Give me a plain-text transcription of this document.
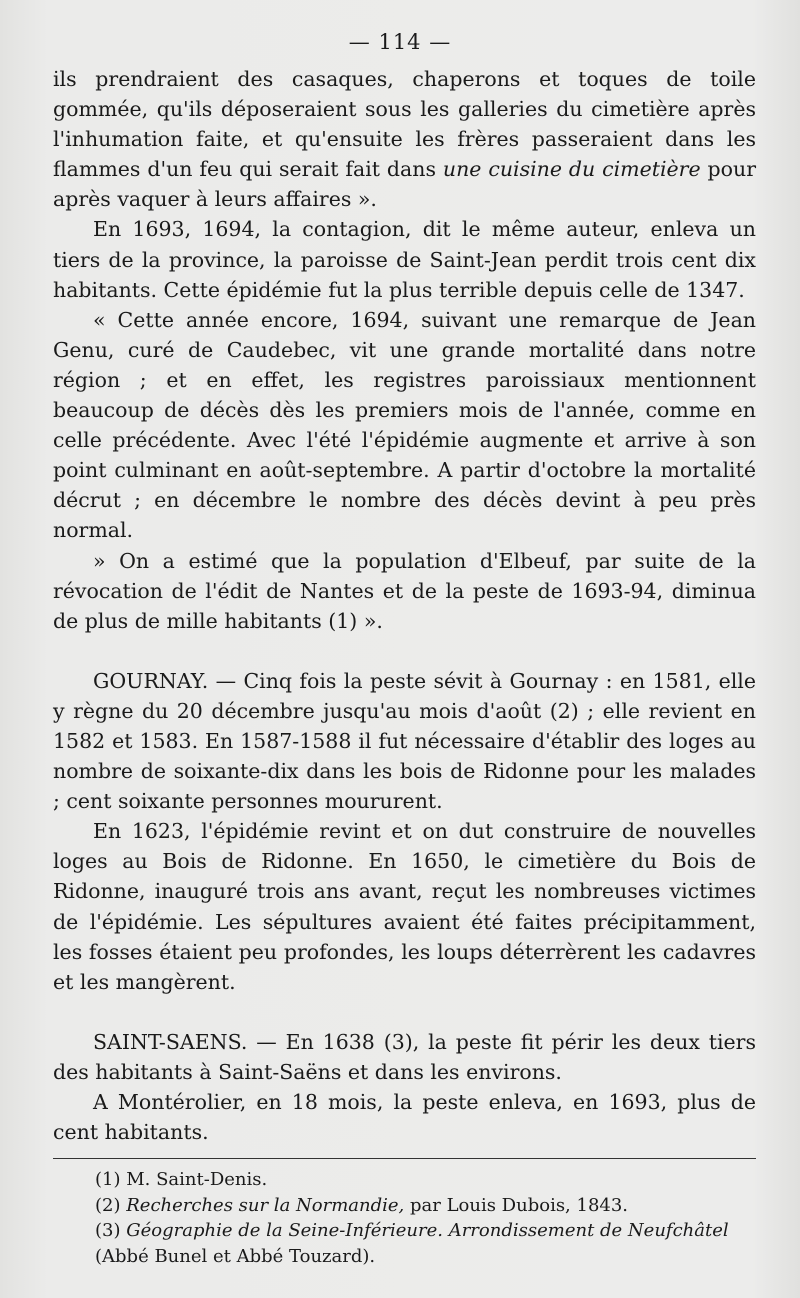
— 114 —

ils prendraient des casaques, chaperons et toques de toile gommée, qu'ils déposeraient sous les galleries du cimetière après l'inhumation faite, et qu'ensuite les frères passeraient dans les flammes d'un feu qui serait fait dans une cuisine du cimetière pour après vaquer à leurs affaires ».

En 1693, 1694, la contagion, dit le même auteur, enleva un tiers de la province, la paroisse de Saint-Jean perdit trois cent dix habitants. Cette épidémie fut la plus terrible depuis celle de 1347.

« Cette année encore, 1694, suivant une remarque de Jean Genu, curé de Caudebec, vit une grande mortalité dans notre région ; et en effet, les registres paroissiaux mentionnent beaucoup de décès dès les premiers mois de l'année, comme en celle précédente. Avec l'été l'épidémie augmente et arrive à son point culminant en août-septembre. A partir d'octobre la mortalité décrut ; en décembre le nombre des décès devint à peu près normal.

» On a estimé que la population d'Elbeuf, par suite de la révocation de l'édit de Nantes et de la peste de 1693-94, diminua de plus de mille habitants (1) ».

GOURNAY. — Cinq fois la peste sévit à Gournay : en 1581, elle y règne du 20 décembre jusqu'au mois d'août (2) ; elle revient en 1582 et 1583. En 1587-1588 il fut nécessaire d'établir des loges au nombre de soixante-dix dans les bois de Ridonne pour les malades ; cent soixante personnes moururent.

En 1623, l'épidémie revint et on dut construire de nouvelles loges au Bois de Ridonne. En 1650, le cimetière du Bois de Ridonne, inauguré trois ans avant, reçut les nombreuses victimes de l'épidémie. Les sépultures avaient été faites précipitamment, les fosses étaient peu profondes, les loups déterrèrent les cadavres et les mangèrent.

SAINT-SAENS. — En 1638 (3), la peste fit périr les deux tiers des habitants à Saint-Saëns et dans les environs.

A Montérolier, en 18 mois, la peste enleva, en 1693, plus de cent habitants.

(1) M. Saint-Denis.

(2) Recherches sur la Normandie, par Louis Dubois, 1843.

(3) Géographie de la Seine-Inférieure. Arrondissement de Neufchâtel (Abbé Bunel et Abbé Touzard).
